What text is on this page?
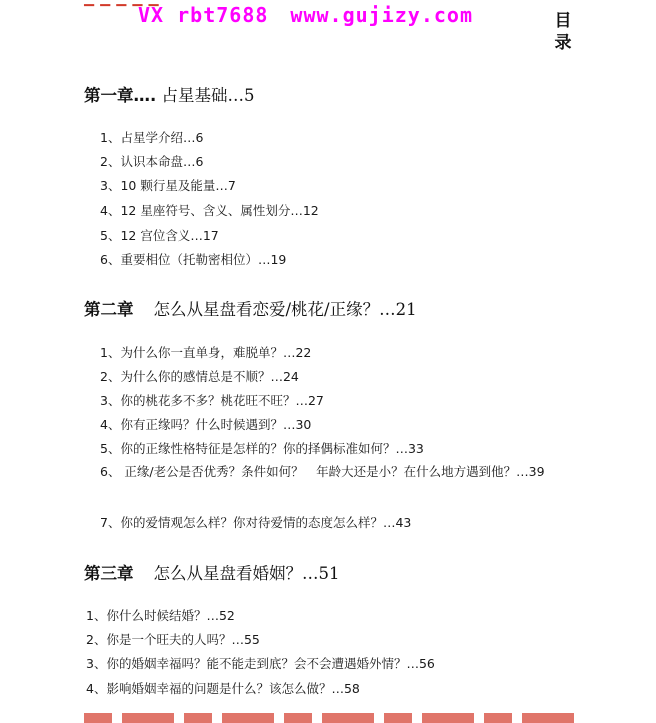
VX rbt7688 www.gujizy.com	目
录
第一章…. 占星基础…5
1、占星学介绍…6
2、认识本命盘…6
3、10 颗行星及能量…7
4、12 星座符号、含义、属性划分…12
5、12 宫位含义…17
6、重要相位（托勒密相位）…19
第二章 怎么从星盘看恋爱/桃花/正缘？…21
1、为什么你一直单身，难脱单？…22
2、为什么你的感情总是不顺？…24
3、你的桃花多不多？桃花旺不旺？…27
4、你有正缘吗？什么时候遇到？…30
5、你的正缘性格特征是怎样的？你的择偶标准如何？…33
6、 正缘/老公是否优秀？条件如何？　年龄大还是小？在什么地方遇到他？…39
7、你的爱情观怎么样？你对待爱情的态度怎么样？…43
第三章 怎么从星盘看婚姻？…51
1、你什么时候结婚？…52
2、你是一个旺夫的人吗？…55
3、你的婚姻幸福吗？能不能走到底？会不会遭遇婚外情？…56
4、影响婚姻幸福的问题是什么？该怎么做？…58
